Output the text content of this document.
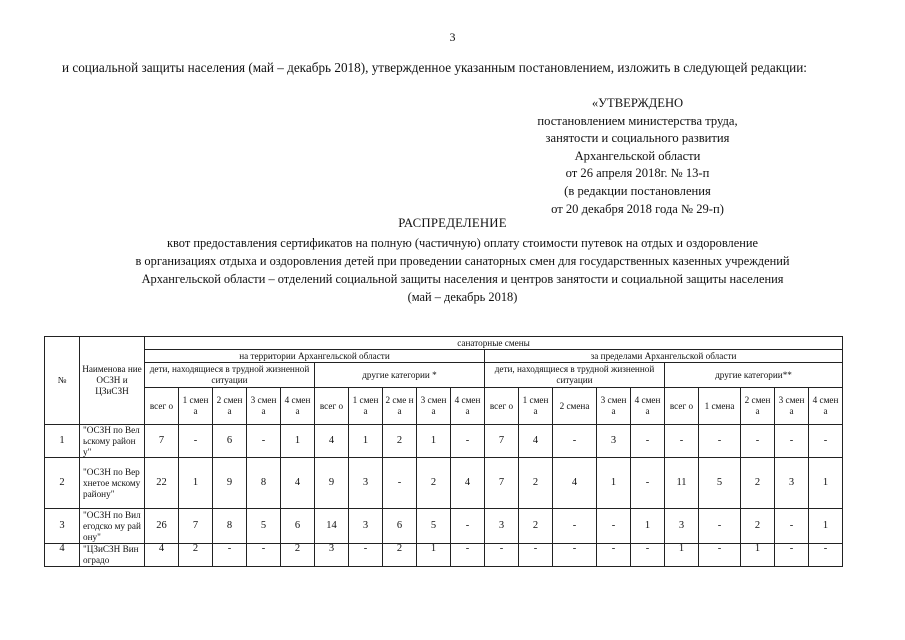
3
и социальной защиты населения (май – декабрь 2018), утвержденное указанным постановлением, изложить в следующей редакции:
«УТВЕРЖДЕНО
постановлением министерства труда,
занятости и социального развития
Архангельской области
от 26 апреля 2018г. № 13-п
(в редакции постановления
от 20 декабря 2018 года № 29-п)
РАСПРЕДЕЛЕНИЕ
квот предоставления сертификатов на полную (частичную) оплату стоимости путевок на отдых и оздоровление
в организациях отдыха и оздоровления детей при проведении санаторных смен для государственных казенных учреждений
Архангельской области – отделений социальной защиты населения и центров занятости и социальной защиты населения
(май – декабрь 2018)
№	Наименова ние ОСЗН и ЦЗиСЗН	санаторные смены																			
		на территории Архангельской области										за пределами Архангельской области									
		дети, находящиеся в трудной жизненной ситуации					другие категории *					дети, находящиеся в трудной жизненной ситуации					другие категории**				
		всег о	1 смен а	2 смен а	3 смен а	4 смен а	всег о	1 смен а	2 сме на	3 смен а	4 смен а	всег о	1 смен а	2 смена	3 смен а	4 смен а	всег о	1 смена	2 смен а	3 смен а	4 смен а
1	"ОСЗН по Вельскому району"	7	-	6	-	1	4	1	2	1	-	7	4	-	3	-	-	-	-	-	-
2	"ОСЗН по Верхнетое мскому району"	22	1	9	8	4	9	3	-	2	4	7	2	4	1	-	11	5	2	3	1
3	"ОСЗН по Вилегодско му району"	26	7	8	5	6	14	3	6	5	-	3	2	-	-	1	3	-	2	-	1
4	"ЦЗиСЗН Виноградо	4	2	-	-	2	3	-	2	1	-	-	-	-	-	-	1	-	1	-	-
